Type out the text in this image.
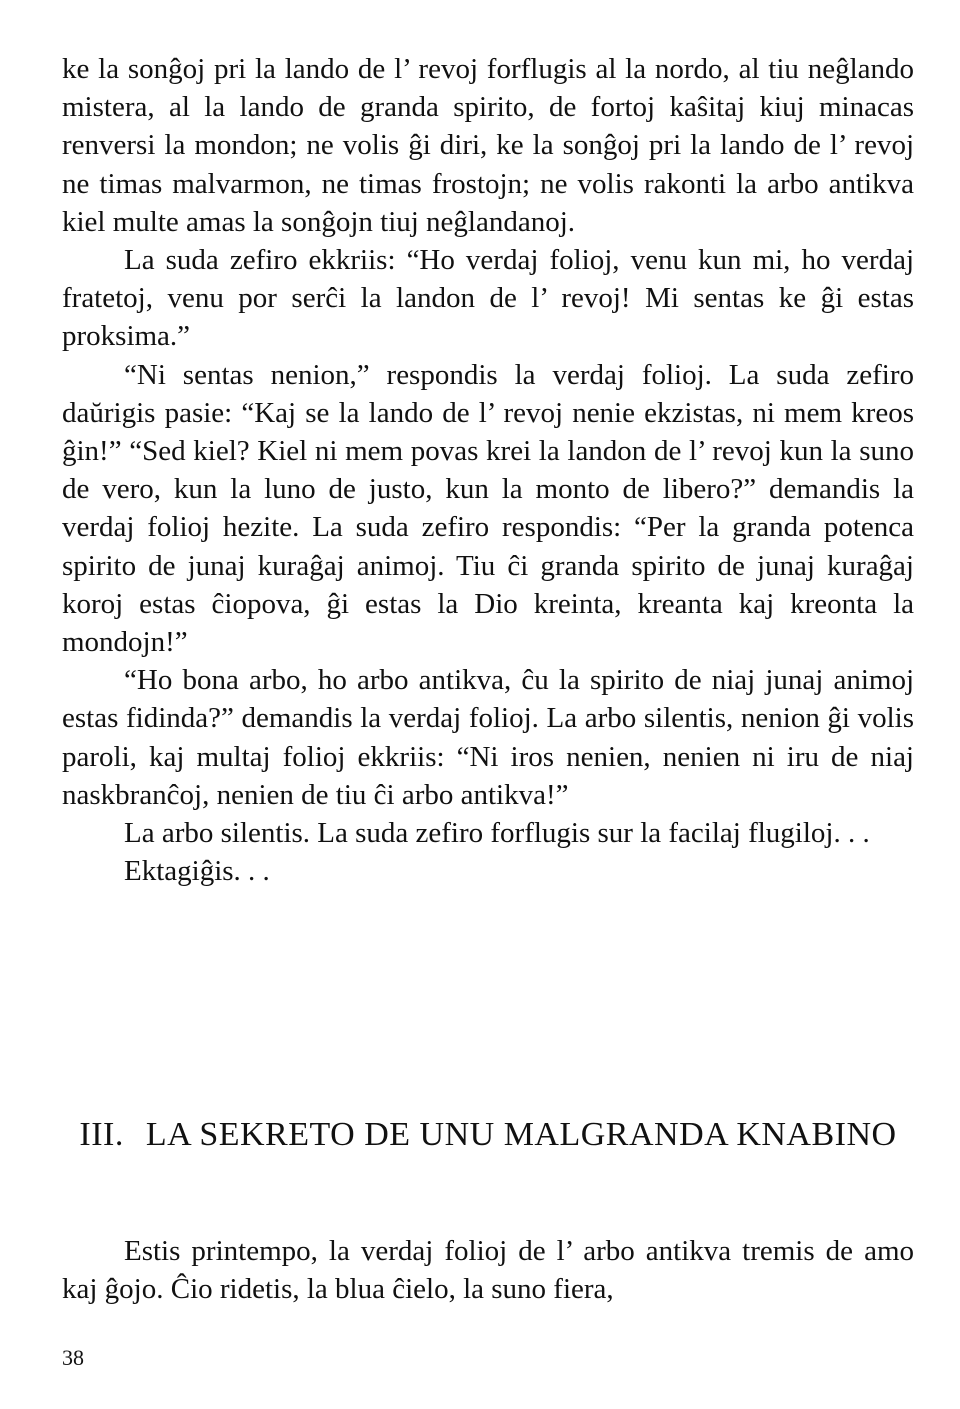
ke la sonĝoj pri la lando de l’ revoj forflugis al la nordo, al tiu neĝlando mistera, al la lando de granda spirito, de fortoj kaŝitaj kiuj minacas renversi la mondon; ne volis ĝi diri, ke la sonĝoj pri la lando de l’ revoj ne timas malvarmon, ne timas frostojn; ne volis rakonti la arbo antikva kiel multe amas la sonĝojn tiuj neĝlandanoj.

La suda zefiro ekkriis: “Ho verdaj folioj, venu kun mi, ho verdaj fratetoj, venu por serĉi la landon de l’ revoj! Mi sentas ke ĝi estas proksima.”

“Ni sentas nenion,” respondis la verdaj folioj. La suda zefiro daŭrigis pasie: “Kaj se la lando de l’ revoj nenie ekzistas, ni mem kreos ĝin!” “Sed kiel? Kiel ni mem povas krei la landon de l’ revoj kun la suno de vero, kun la luno de justo, kun la monto de libero?” demandis la verdaj folioj hezite. La suda zefiro respondis: “Per la granda potenca spirito de junaj kuraĝaj animoj. Tiu ĉi granda spirito de junaj kuraĝaj koroj estas ĉiopova, ĝi estas la Dio kreinta, kreanta kaj kreonta la mondojn!”

“Ho bona arbo, ho arbo antikva, ĉu la spirito de niaj junaj animoj estas fidinda?” demandis la verdaj folioj. La arbo silentis, nenion ĝi volis paroli, kaj multaj folioj ekkriis: “Ni iros nenien, nenien ni iru de niaj naskbranĉoj, nenien de tiu ĉi arbo antikva!”

La arbo silentis. La suda zefiro forflugis sur la facilaj flugiloj. . .

Ektagiĝis. . .

III. LA SEKRETO DE UNU MALGRANDA KNABINO

Estis printempo, la verdaj folioj de l’ arbo antikva tremis de amo kaj ĝojo. Ĉio ridetis, la blua ĉielo, la suno fiera,

38
